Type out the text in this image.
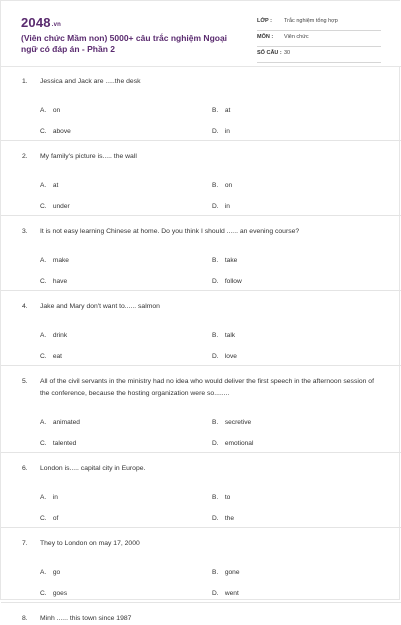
2048.vn
(Viên chức Mầm non) 5000+ câu trắc nghiệm Ngoại ngữ có đáp án - Phần 2
LỚP : Trắc nghiệm tổng hợp
MÔN : Viên chức
SỐ CÂU : 30
1. Jessica and Jack are .....the desk
A. on	B. at
C. above	D. in
2. My family's picture is..... the wall
A. at	B. on
C. under	D. in
3. It is not easy learning Chinese at home. Do you think I should ...... an evening course?
A. make	B. take
C. have	D. follow
4. Jake and Mary don't want to...... salmon
A. drink	B. talk
C. eat	D. love
5. All of the civil servants in the ministry had no idea who would deliver the first speech in the afternoon session of the conference, because the hosting organization were so........
A. animated	B. secretive
C. talented	D. emotional
6. London is..... capital city in Europe.
A. in	B. to
C. of	D. the
7. They to London on may 17, 2000
A. go	B. gone
C. goes	D. went
8. Minh ...... this town since 1987
